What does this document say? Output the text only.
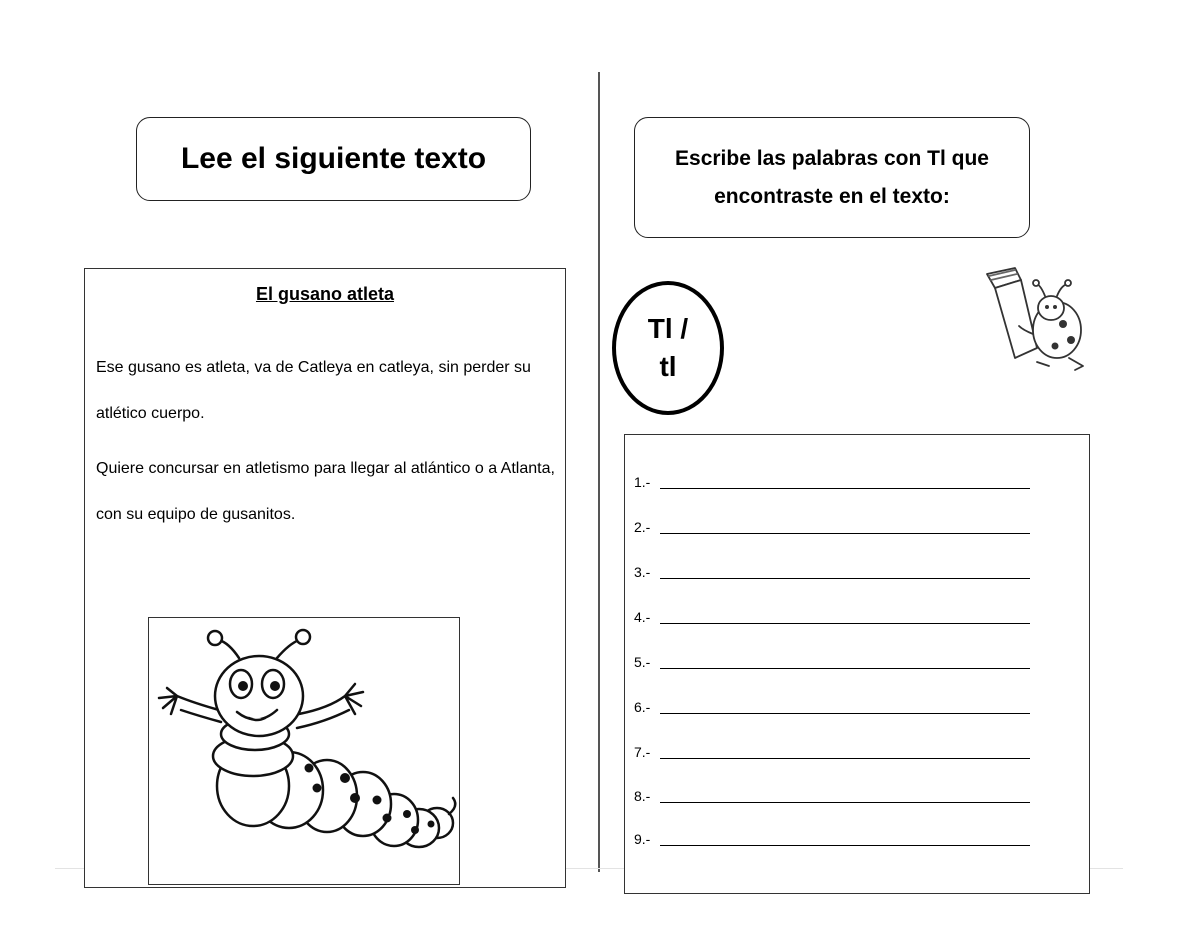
Lee el siguiente texto
El gusano atleta

Ese gusano es atleta, va de Catleya en catleya, sin perder su atlético cuerpo.

Quiere concursar en atletismo para llegar al atlántico o a Atlanta, con su equipo de gusanitos.

Escribe las palabras con Tl que encontraste en el texto:
Tl /
tl
1.-
2.-
3.-
4.-
5.-
6.-
7.-
8.-
9.-
